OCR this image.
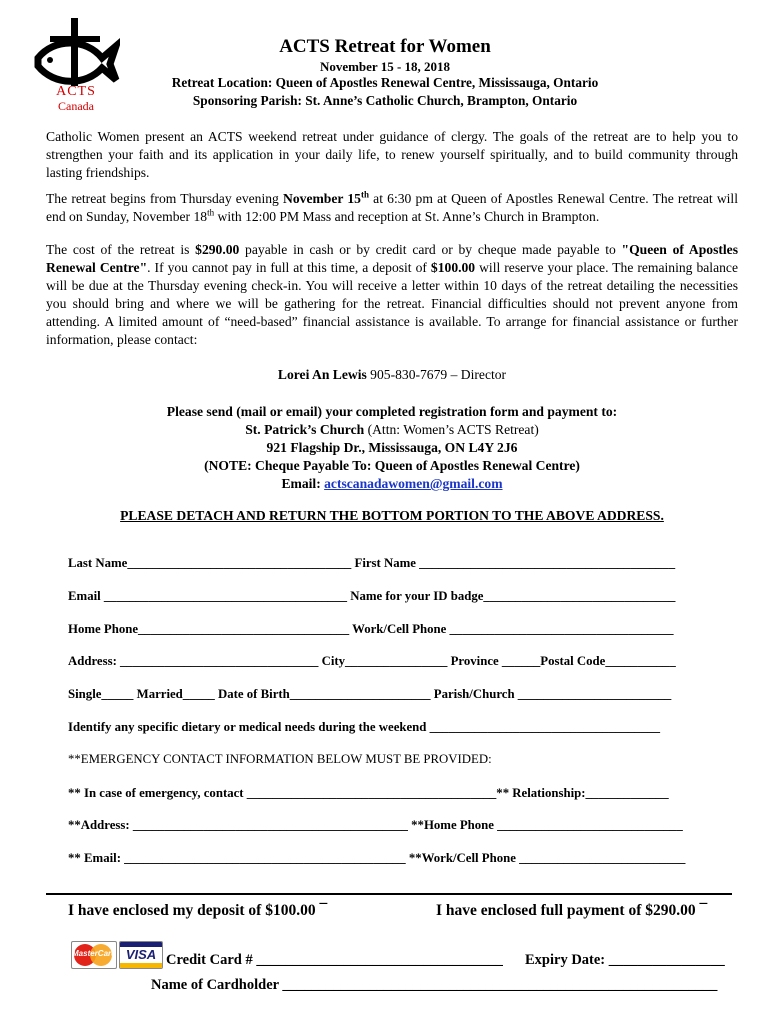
ACTS
Canada
ACTS Retreat for Women
November 15 - 18, 2018
Retreat Location: Queen of Apostles Renewal Centre, Mississauga, Ontario
Sponsoring Parish: St. Anne’s Catholic Church, Brampton, Ontario
Catholic Women present an ACTS weekend retreat under guidance of clergy. The goals of the retreat are to help you to strengthen your faith and its application in your daily life, to renew yourself spiritually, and to build community through lasting friendships.
The retreat begins from Thursday evening November 15th at 6:30 pm at Queen of Apostles Renewal Centre. The retreat will end on Sunday, November 18th with 12:00 PM Mass and reception at St. Anne’s Church in Brampton.
The cost of the retreat is $290.00 payable in cash or by credit card or by cheque made payable to "Queen of Apostles Renewal Centre". If you cannot pay in full at this time, a deposit of $100.00 will reserve your place. The remaining balance will be due at the Thursday evening check-in. You will receive a letter within 10 days of the retreat detailing the necessities you should bring and where we will be gathering for the retreat. Financial difficulties should not prevent anyone from attending. A limited amount of “need-based” financial assistance is available. To arrange for financial assistance or further information, please contact:
Lorei An Lewis 905-830-7679 – Director
Please send (mail or email) your completed registration form and payment to:
St. Patrick’s Church (Attn: Women’s ACTS Retreat)
921 Flagship Dr., Mississauga, ON L4Y 2J6
(NOTE: Cheque Payable To: Queen of Apostles Renewal Centre)
Email: actscanadawomen@gmail.com
PLEASE DETACH AND RETURN THE BOTTOM PORTION TO THE ABOVE ADDRESS.
Last Name___________________________________ First Name ________________________________________
Email ______________________________________ Name for your ID badge______________________________
Home Phone_________________________________ Work/Cell Phone ___________________________________
Address: _______________________________ City________________ Province ______Postal Code___________
Single_____ Married_____ Date of Birth______________________ Parish/Church ________________________
Identify any specific dietary or medical needs during the weekend ____________________________________
**EMERGENCY CONTACT INFORMATION BELOW MUST BE PROVIDED:
** In case of emergency, contact _______________________________________** Relationship:_____________
**Address: ___________________________________________ **Home Phone _____________________________
** Email: ____________________________________________ **Work/Cell Phone __________________________
I have enclosed my deposit of $100.00 ¯	I have enclosed full payment of $290.00 ¯
MasterCard VISA Credit Card # __________________________________ Expiry Date: ________________
Name of Cardholder ____________________________________________________________
